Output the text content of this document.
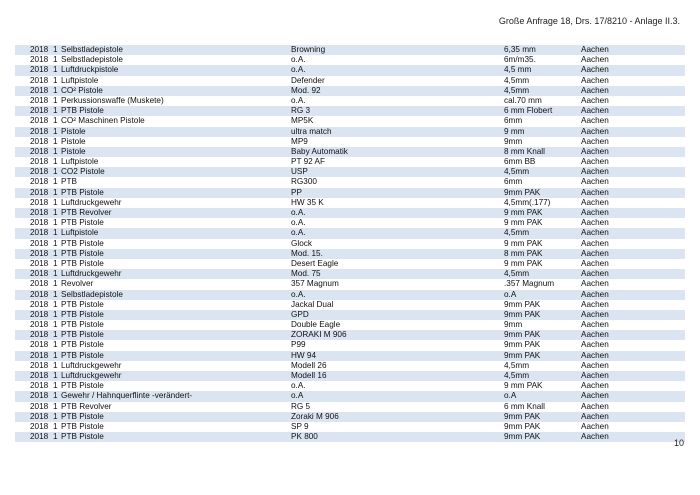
Große Anfrage 18, Drs. 17/8210 - Anlage II.3.
2018 1 Selbstladepistole	Browning	6,35 mm	Aachen
2018 1 Selbstladepistole	o.A.	6m/m35.	Aachen
2018 1 Luftdruckpistole	o.A.	4,5 mm	Aachen
2018 1 Luftpistole	Defender	4,5mm	Aachen
2018 1 CO² Pistole	Mod. 92	4,5mm	Aachen
2018 1 Perkussionswaffe (Muskete)	o.A.	cal.70 mm	Aachen
2018 1 PTB Pistole	RG 3	6 mm Flobert	Aachen
2018 1 CO² Maschinen Pistole	MP5K	6mm	Aachen
2018 1 Pistole	ultra match	9 mm	Aachen
2018 1 Pistole	MP9	9mm	Aachen
2018 1 Pistole	Baby Automatik	8 mm Knall	Aachen
2018 1 Luftpistole	PT 92 AF	6mm BB	Aachen
2018 1 CO2 Pistole	USP	4,5mm	Aachen
2018 1 PTB	RG300	6mm	Aachen
2018 1 PTB Pistole	PP	9mm PAK	Aachen
2018 1 Luftdruckgewehr	HW 35 K	4,5mm(.177)	Aachen
2018 1 PTB Revolver	o.A.	9 mm PAK	Aachen
2018 1 PTB Pistole	o.A.	9 mm PAK	Aachen
2018 1 Luftpistole	o.A.	4,5mm	Aachen
2018 1 PTB Pistole	Glock	9 mm PAK	Aachen
2018 1 PTB Pistole	Mod. 15.	8 mm PAK	Aachen
2018 1 PTB Pistole	Desert Eagle	9 mm PAK	Aachen
2018 1 Luftdruckgewehr	Mod. 75	4,5mm	Aachen
2018 1 Revolver	357 Magnum	.357 Magnum	Aachen
2018 1 Selbstladepistole	o.A.	o.A	Aachen
2018 1 PTB Pistole	Jackal Dual	9mm PAK	Aachen
2018 1 PTB Pistole	GPD	9mm PAK	Aachen
2018 1 PTB Pistole	Double Eagle	9mm	Aachen
2018 1 PTB Pistole	ZORAKI M 906	9mm PAK	Aachen
2018 1 PTB Pistole	P99	9mm PAK	Aachen
2018 1 PTB Pistole	HW 94	9mm PAK	Aachen
2018 1 Luftdruckgewehr	Modell 26	4,5mm	Aachen
2018 1 Luftdruckgewehr	Modell 16	4,5mm	Aachen
2018 1 PTB Pistole	o.A.	9 mm PAK	Aachen
2018 1 Gewehr / Hahnquerflinte -verändert-	o.A	o.A	Aachen
2018 1 PTB Revolver	RG 5	6 mm Knall	Aachen
2018 1 PTB Pistole	Zoraki M 906	9mm PAK	Aachen
2018 1 PTB Pistole	SP 9	9mm PAK	Aachen
2018 1 PTB Pistole	PK 800	9mm PAK	Aachen
10
